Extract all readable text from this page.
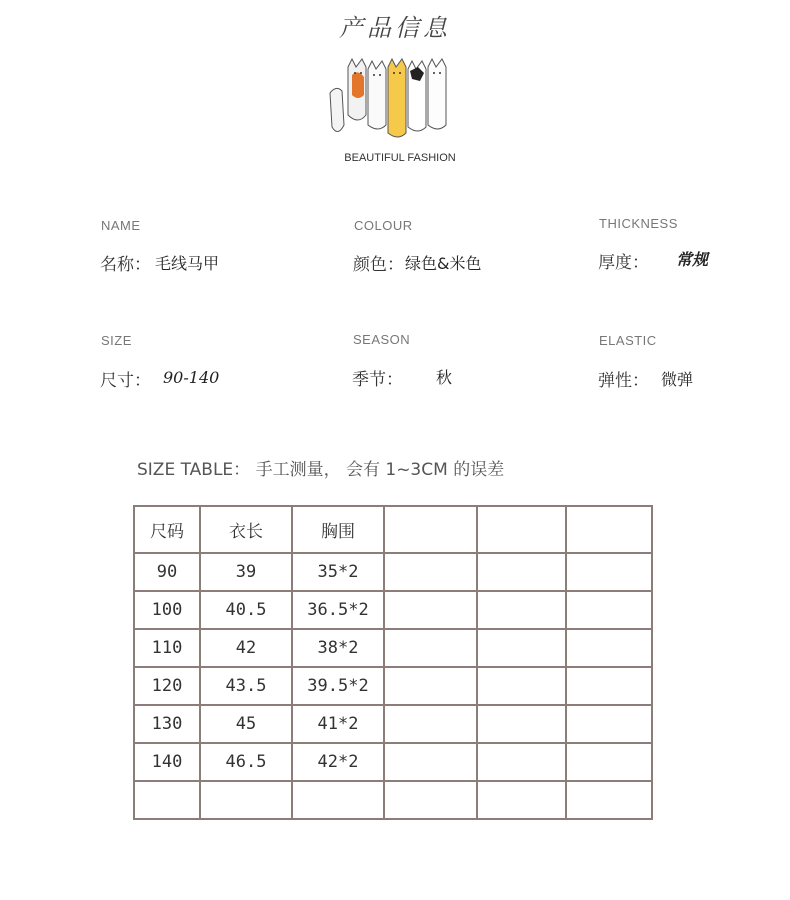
产品信息
BEAUTIFUL FASHION
NAME
名称： 毛线马甲
COLOUR
颜色： 绿色&米色
THICKNESS
厚度： 常规
SIZE
尺寸： 90-140
SEASON
季节： 秋
ELASTIC
弹性： 微弹
SIZE TABLE： 手工测量， 会有 1~3CM 的误差
尺码	衣长	胸围			
90	39	35*2			
100	40.5	36.5*2			
110	42	38*2			
120	43.5	39.5*2			
130	45	41*2			
140	46.5	42*2			
